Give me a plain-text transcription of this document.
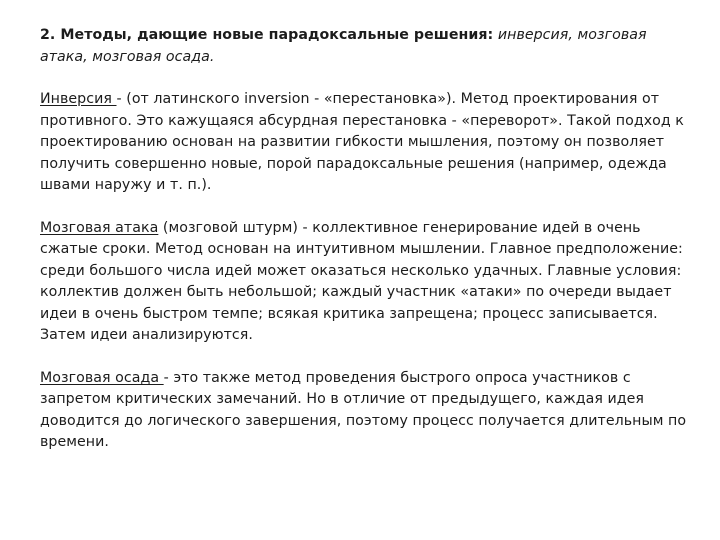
2. Методы, дающие новые парадоксальные решения: инверсия, мозговая атака, мозговая осада.

Инверсия - (от латинского inversion - «перестановка»). Метод проектирования от противного. Это кажущаяся абсурдная перестановка - «переворот». Такой подход к проектированию основан на развитии гибкости мышления, поэтому он позволяет получить совершенно новые, порой парадоксальные решения (например, одежда швами наружу и т. п.).

Мозговая атака (мозговой штурм) - коллективное генерирование идей в очень сжатые сроки. Метод основан на интуитивном мышлении. Главное предположение: среди большого числа идей может оказаться несколько удачных. Главные условия: коллектив должен быть небольшой; каждый участник «атаки» по очереди выдает идеи в очень быстром темпе; всякая критика запрещена; процесс записывается. Затем идеи анализируются.

Мозговая осада - это также метод проведения быстрого опроса участников с запретом критических замечаний. Но в отличие от предыдущего, каждая идея доводится до логического завершения, поэтому процесс получается длительным по времени.
